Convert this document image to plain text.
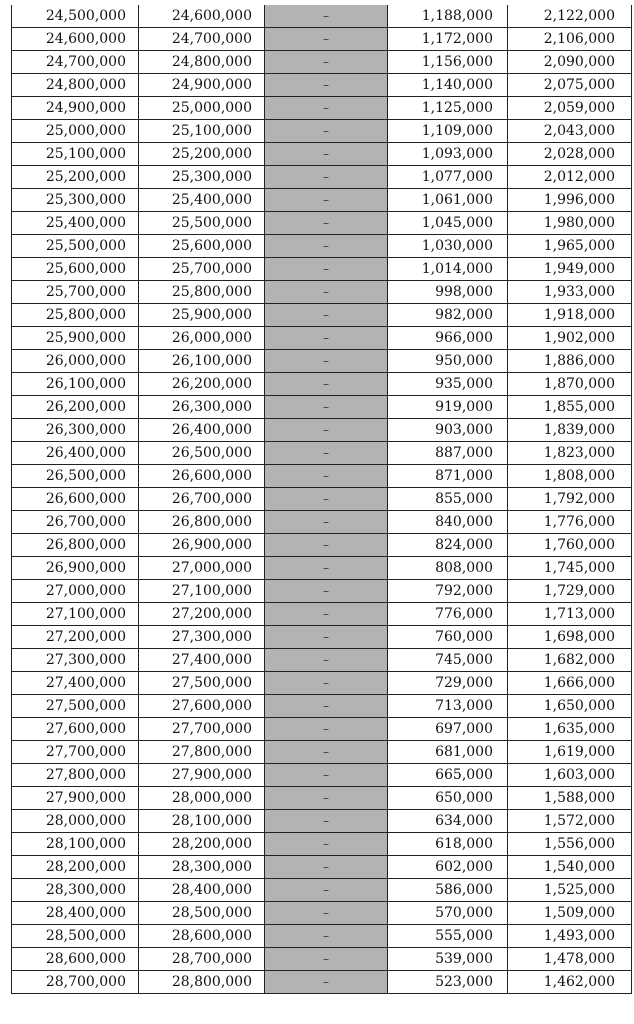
24,500,000	24,600,000	–	1,188,000	2,122,000
24,600,000	24,700,000	–	1,172,000	2,106,000
24,700,000	24,800,000	–	1,156,000	2,090,000
24,800,000	24,900,000	–	1,140,000	2,075,000
24,900,000	25,000,000	–	1,125,000	2,059,000
25,000,000	25,100,000	–	1,109,000	2,043,000
25,100,000	25,200,000	–	1,093,000	2,028,000
25,200,000	25,300,000	–	1,077,000	2,012,000
25,300,000	25,400,000	–	1,061,000	1,996,000
25,400,000	25,500,000	–	1,045,000	1,980,000
25,500,000	25,600,000	–	1,030,000	1,965,000
25,600,000	25,700,000	–	1,014,000	1,949,000
25,700,000	25,800,000	–	998,000	1,933,000
25,800,000	25,900,000	–	982,000	1,918,000
25,900,000	26,000,000	–	966,000	1,902,000
26,000,000	26,100,000	–	950,000	1,886,000
26,100,000	26,200,000	–	935,000	1,870,000
26,200,000	26,300,000	–	919,000	1,855,000
26,300,000	26,400,000	–	903,000	1,839,000
26,400,000	26,500,000	–	887,000	1,823,000
26,500,000	26,600,000	–	871,000	1,808,000
26,600,000	26,700,000	–	855,000	1,792,000
26,700,000	26,800,000	–	840,000	1,776,000
26,800,000	26,900,000	–	824,000	1,760,000
26,900,000	27,000,000	–	808,000	1,745,000
27,000,000	27,100,000	–	792,000	1,729,000
27,100,000	27,200,000	–	776,000	1,713,000
27,200,000	27,300,000	–	760,000	1,698,000
27,300,000	27,400,000	–	745,000	1,682,000
27,400,000	27,500,000	–	729,000	1,666,000
27,500,000	27,600,000	–	713,000	1,650,000
27,600,000	27,700,000	–	697,000	1,635,000
27,700,000	27,800,000	–	681,000	1,619,000
27,800,000	27,900,000	–	665,000	1,603,000
27,900,000	28,000,000	–	650,000	1,588,000
28,000,000	28,100,000	–	634,000	1,572,000
28,100,000	28,200,000	–	618,000	1,556,000
28,200,000	28,300,000	–	602,000	1,540,000
28,300,000	28,400,000	–	586,000	1,525,000
28,400,000	28,500,000	–	570,000	1,509,000
28,500,000	28,600,000	–	555,000	1,493,000
28,600,000	28,700,000	–	539,000	1,478,000
28,700,000	28,800,000	–	523,000	1,462,000
